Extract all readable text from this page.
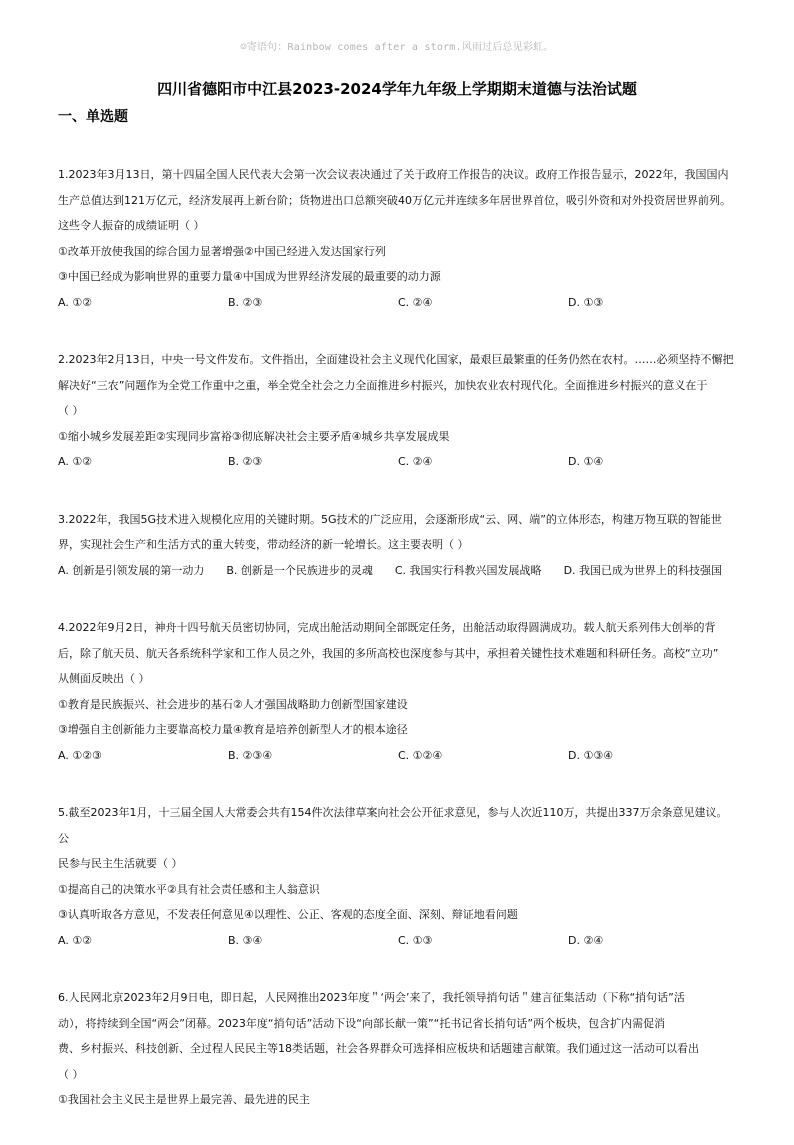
☺寄语句：Rainbow comes after a storm.风雨过后总见彩虹。
四川省德阳市中江县2023-2024学年九年级上学期期末道德与法治试题
一、单选题

1.2023年3月13日，第十四届全国人民代表大会第一次会议表决通过了关于政府工作报告的决议。政府工作报告显示，2022年，我国国内

生产总值达到121万亿元，经济发展再上新台阶；货物进出口总额突破40万亿元并连续多年居世界首位，吸引外资和对外投资居世界前列。

这些令人振奋的成绩证明（ ）

①改革开放使我国的综合国力显著增强②中国已经进入发达国家行列

③中国已经成为影响世界的重要力量④中国成为世界经济发展的最重要的动力源

A. ①②	B. ②③	C. ②④	D. ①③

2.2023年2月13日，中央一号文件发布。文件指出，全面建设社会主义现代化国家，最艰巨最繁重的任务仍然在农村。……必须坚持不懈把

解决好“三农”问题作为全党工作重中之重，举全党全社会之力全面推进乡村振兴，加快农业农村现代化。全面推进乡村振兴的意义在于

（ ）

①缩小城乡发展差距②实现同步富裕③彻底解决社会主要矛盾④城乡共享发展成果

A. ①②	B. ②③	C. ②④	D. ①④

3.2022年，我国5G技术进入规模化应用的关键时期。5G技术的广泛应用，会逐渐形成“云、网、端”的立体形态，构建万物互联的智能世

界，实现社会生产和生活方式的重大转变，带动经济的新一轮增长。这主要表明（ ）

A. 创新是引领发展的第一动力 B. 创新是一个民族进步的灵魂 C. 我国实行科教兴国发展战略 D. 我国已成为世界上的科技强国

4.2022年9月2日，神舟十四号航天员密切协同，完成出舱活动期间全部既定任务，出舱活动取得圆满成功。载人航天系列伟大创举的背

后，除了航天员、航天各系统科学家和工作人员之外，我国的多所高校也深度参与其中，承担着关键性技术难题和科研任务。高校“立功”

从侧面反映出（ ）

①教育是民族振兴、社会进步的基石②人才强国战略助力创新型国家建设

③增强自主创新能力主要靠高校力量④教育是培养创新型人才的根本途径

A. ①②③	B. ②③④	C. ①②④	D. ①③④

5.截至2023年1月，十三届全国人大常委会共有154件次法律草案向社会公开征求意见，参与人次近110万，共提出337万余条意见建议。公

民参与民主生活就要（ ）

①提高自己的决策水平②具有社会责任感和主人翁意识

③认真听取各方意见，不发表任何意见④以理性、公正、客观的态度全面、深刻、辩证地看问题

A. ①②	B. ③④	C. ①③	D. ②④

6.人民网北京2023年2月9日电，即日起，人民网推出2023年度＂‘两会’来了，我托领导捎句话＂建言征集活动（下称“捎句话”活

动），将持续到全国“两会”闭幕。2023年度“捎句话”活动下设“向部长献一策”“托书记省长捎句话”两个板块，包含扩内需促消

费、乡村振兴、科技创新、全过程人民民主等18类话题，社会各界群众可选择相应板块和话题建言献策。我们通过这一活动可以看出

（ ）

①我国社会主义民主是世界上最完善、最先进的民主
